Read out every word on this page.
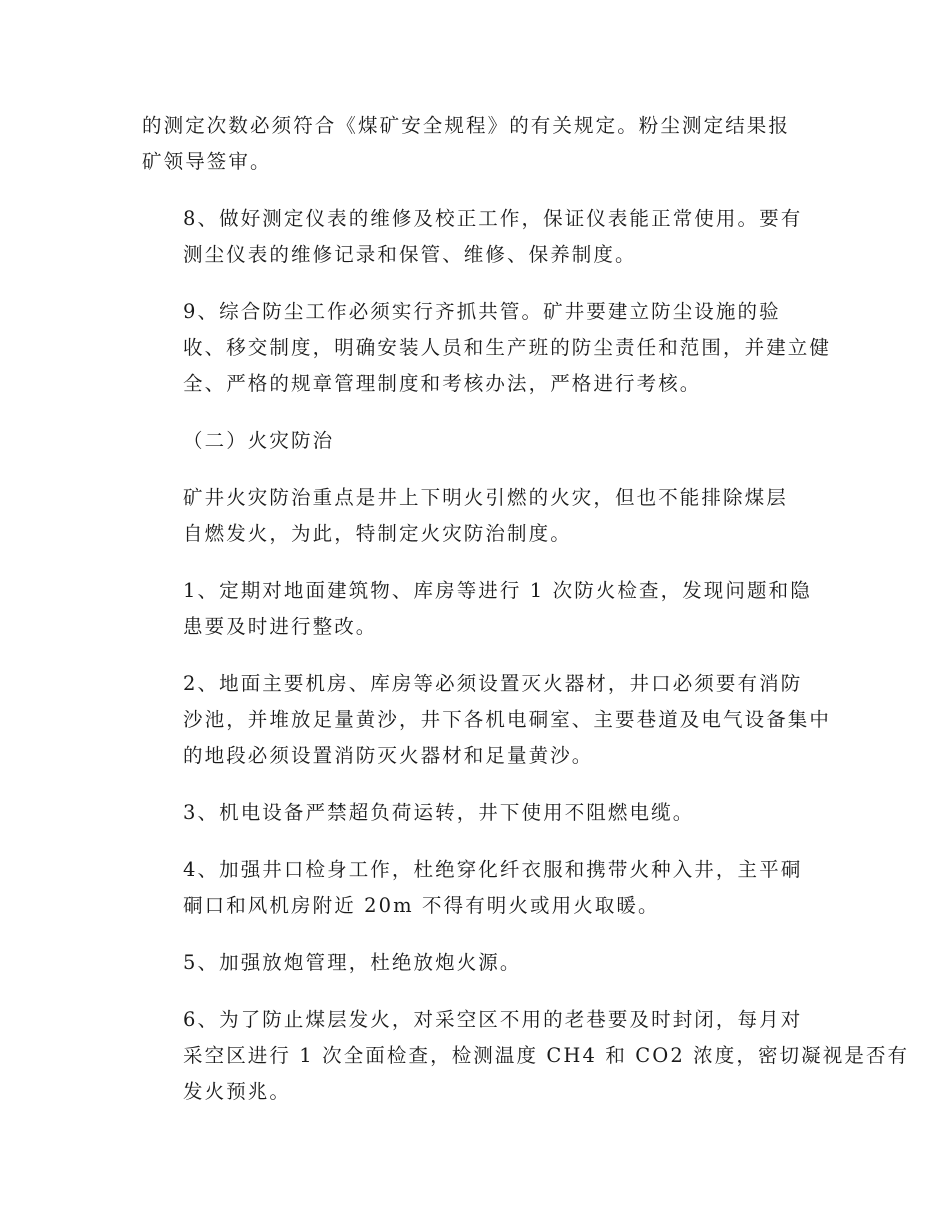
的测定次数必须符合《煤矿安全规程》的有关规定。粉尘测定结果报
矿领导签审。

8、做好测定仪表的维修及校正工作，保证仪表能正常使用。要有
测尘仪表的维修记录和保管、维修、保养制度。

9、综合防尘工作必须实行齐抓共管。矿井要建立防尘设施的验
收、移交制度，明确安装人员和生产班的防尘责任和范围，并建立健
全、严格的规章管理制度和考核办法，严格进行考核。

（二）火灾防治

矿井火灾防治重点是井上下明火引燃的火灾，但也不能排除煤层
自燃发火，为此，特制定火灾防治制度。

1、定期对地面建筑物、库房等进行 1 次防火检查，发现问题和隐
患要及时进行整改。

2、地面主要机房、库房等必须设置灭火器材，井口必须要有消防
沙池，并堆放足量黄沙，井下各机电硐室、主要巷道及电气设备集中
的地段必须设置消防灭火器材和足量黄沙。

3、机电设备严禁超负荷运转，井下使用不阻燃电缆。

4、加强井口检身工作，杜绝穿化纤衣服和携带火种入井，主平硐
硐口和风机房附近 20m 不得有明火或用火取暖。

5、加强放炮管理，杜绝放炮火源。

6、为了防止煤层发火，对采空区不用的老巷要及时封闭，每月对
采空区进行 1 次全面检查，检测温度 CH4 和 CO2 浓度，密切凝视是否有
发火预兆。
